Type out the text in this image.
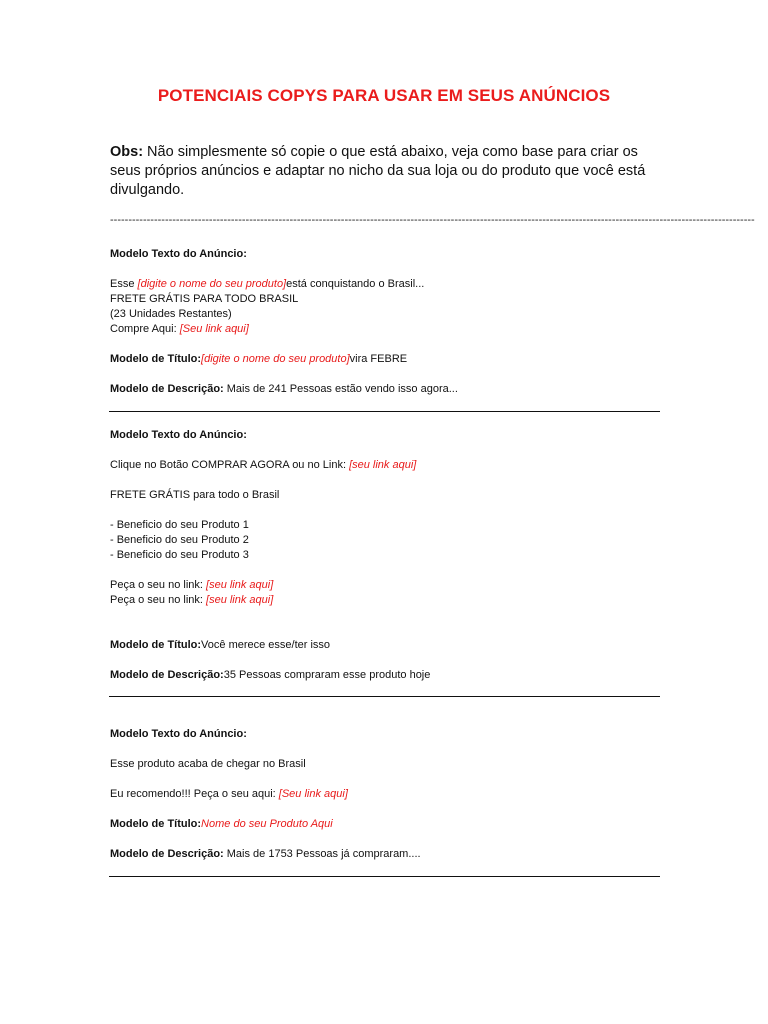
POTENCIAIS COPYS PARA USAR EM SEUS ANÚNCIOS
Obs: Não simplesmente só copie o que está abaixo, veja como base para criar os seus próprios anúncios e adaptar no nicho da sua loja ou do produto que você está divulgando.
--------------------------------------------------------------------------------------------------------------------------------------------------------------------------------

Modelo Texto do Anúncio:

Esse [digite o nome do seu produto]está conquistando o Brasil...

FRETE GRÁTIS PARA TODO BRASIL

(23 Unidades Restantes)

Compre Aqui: [Seu link aqui]

Modelo de Título:[digite o nome do seu produto]vira FEBRE

Modelo de Descrição: Mais de 241 Pessoas estão vendo isso agora...

Modelo Texto do Anúncio:

Clique no Botão COMPRAR AGORA ou no Link: [seu link aqui]

FRETE GRÁTIS para todo o Brasil

- Beneficio do seu Produto 1

- Beneficio do seu Produto 2

- Beneficio do seu Produto 3

Peça o seu no link: [seu link aqui]

Peça o seu no link: [seu link aqui]

Modelo de Título:Você merece esse/ter isso

Modelo de Descrição:35 Pessoas compraram esse produto hoje

Modelo Texto do Anúncio:

Esse produto acaba de chegar no Brasil

Eu recomendo!!! Peça o seu aqui: [Seu link aqui]

Modelo de Título:Nome do seu Produto Aqui

Modelo de Descrição: Mais de 1753 Pessoas já compraram....
